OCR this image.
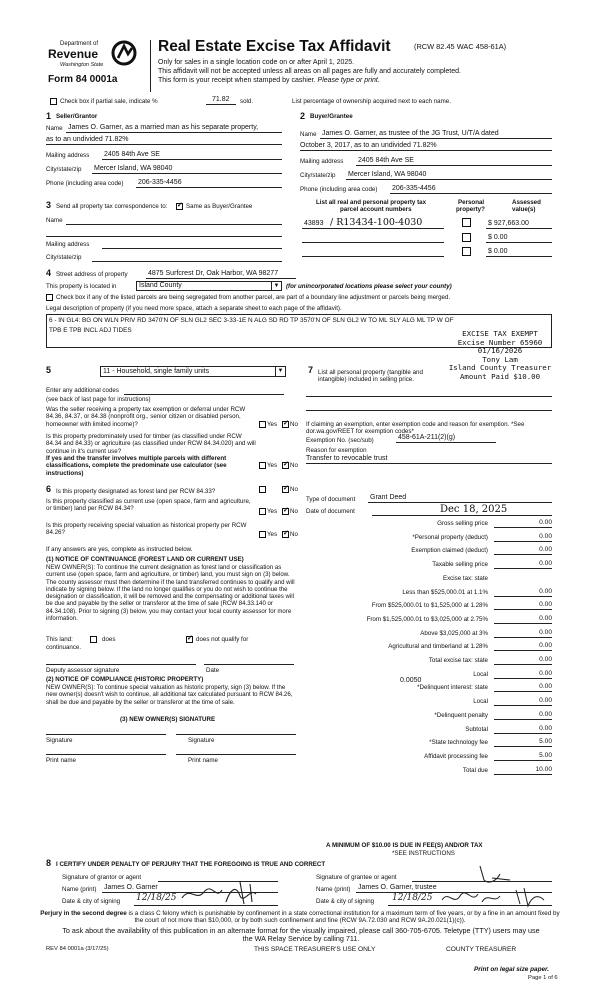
Department of
Revenue
Washington State
Form 84 0001a
Real Estate Excise Tax Affidavit	(RCW 82.45 WAC 458-61A)
Only for sales in a single location code on or after April 1, 2025.
This affidavit will not be accepted unless all areas on all pages are fully and accurately completed.
This form is your receipt when stamped by cashier. Please type or print.
Check box if partial sale, indicate %	71.82 sold.	List percentage of ownership acquired next to each name.
1 Seller/Grantor
Name James O. Garner, as a married man as his separate property,
as to an undivided 71.82%
Mailing address 2405 84th Ave SE
City/state/zip Mercer Island, WA 98040
Phone (including area code) 206-335-4456
2 Buyer/Grantee
Name James O. Garner, as trustee of the JG Trust, U/T/A dated
October 3, 2017, as to an undivided 71.82%
Mailing address 2405 84th Ave SE
City/state/zip Mercer Island, WA 98040
Phone (including area code) 206-335-4456
3 Send all property tax correspondence to: ✓	Same as Buyer/Grantee
Name
Mailing address
City/state/zip
List all real and personal property tax
parcel account numbers
Personal
property?
Assessed
value(s)
43893 / R13434-100-4030	$ 927,663.00
$ 0.00
$ 0.00
4 Street address of property	4875 Surfcrest Dr, Oak Harbor, WA 98277
This property is located in	Island County	▼ (for unincorporated locations please select your county)
Check box if any of the listed parcels are being segregated from another parcel, are part of a boundary line adjustment or parcels being merged.
Legal description of property (if you need more space, attach a separate sheet to each page of the affidavit).
6 - IN GL4: BG ON WLN PRIV RD 3470'N OF SLN GL2 SEC 3-33-1E N ALG SD RD TP 3570'N OF SLN GL2 W TO ML SLY ALG ML TP W OF
TPB E TPB INCL ADJ TIDES	EXCISE TAX EXEMPT
Excise Number 65960
01/16/2026
Tony Lam
Island County Treasurer
Amount Paid $10.00
5	11 - Household, single family units	▼
Enter any additional codes
(see back of last page for instructions)
Was the seller receiving a property tax exemption or deferral under RCW 84.36, 84.37, or 84.38 (nonprofit org., senior citizen or disabled person, homeowner with limited income)?	Yes ✓ No
Is this property predominately used for timber (as classified under RCW 84.34 and 84.33) or agriculture (as classified under RCW 84.34.020) and will continue in it's current use?
If yes and the transfer involves multiple parcels with different classifications, complete the predominate use calculator (see instructions)
Yes ✓ No
6 Is this property designated as forest land per RCW 84.33? ✓	No
Is this property classified as current use (open space, farm and agriculture, or timber) land per RCW 84.34?	Yes ✓ No
Is this property receiving special valuation as historical property per RCW 84.26?	Yes ✓ No
If any answers are yes, complete as instructed below.
(1) NOTICE OF CONTINUANCE (FOREST LAND OR CURRENT USE)
NEW OWNER(S): To continue the current designation as forest land or classification as current use (open space, farm and agriculture, or timber) land, you must sign on (3) below. The county assessor must then determine if the land transferred continues to qualify and will indicate by signing below. If the land no longer qualifies or you do not wish to continue the designation or classification, it will be removed and the compensating or additional taxes will be due and payable by the seller or transferor at the time of sale (RCW 84.33.140 or 84.34.108). Prior to signing (3) below, you may contact your local county assessor for more information.
This land:
continuance.
does ✓	does not qualify for
Deputy assessor signature	Date
(2) NOTICE OF COMPLIANCE (HISTORIC PROPERTY)
NEW OWNER(S): To continue special valuation as historic property, sign (3) below. If the new owner(s) doesn't wish to continue, all additional tax calculated pursuant to RCW 84.26, shall be due and payable by the seller or transferor at the time of sale.
(3) NEW OWNER(S) SIGNATURE
Signature	Signature
Print name	Print name
7 List all personal property (tangible and intangible) included in selling price.
If claiming an exemption, enter exemption code and reason for exemption. *See dor.wa.gov/REET for exemption codes*
Exemption No. (sec/sub)	458-61A-211(2)(g)
Reason for exemption
Transfer to revocable trust
Type of document Grant Deed
Date of document	Dec 18, 2025
Gross selling price	0.00
*Personal property (deduct)	0.00
Exemption claimed (deduct)	0.00
Taxable selling price	0.00
Excise tax: state
Less than $525,000.01 at 1.1%	0.00
From $525,000.01 to $1,525,000 at 1.28%	0.00
From $1,525,000.01 to $3,025,000 at 2.75%	0.00
Above $3,025,000 at 3%	0.00
Agricultural and timberland at 1.28%	0.00
Total excise tax: state	0.00
Local	0.00
*Delinquent interest: state	0.00
Local	0.00
*Delinquent penalty	0.00
Subtotal	0.00
*State technology fee	5.00
Affidavit processing fee	5.00
Total due	10.00
0.0050
A MINIMUM OF $10.00 IS DUE IN FEE(S) AND/OR TAX
*SEE INSTRUCTIONS
8 I CERTIFY UNDER PENALTY OF PERJURY THAT THE FOREGOING IS TRUE AND CORRECT
Signature of grantor or agent
Name (print) James O. Garner
Date & city of signing 12/18/25
Signature of grantee or agent
Name (print) James O. Garner, trustee
Date & city of signing 12/18/25
Perjury in the second degree is a class C felony which is punishable by confinement in a state correctional institution for a maximum term of five years, or by a fine in an amount fixed by the court of not more than $10,000, or by both such confinement and fine (RCW 9A.72.030 and RCW 9A.20.021(1)(c)).
To ask about the availability of this publication in an alternate format for the visually impaired, please call 360-705-6705. Teletype (TTY) users may use the WA Relay Service by calling 711.
REV 84 0001a (3/17/25)	THIS SPACE TREASURER'S USE ONLY	COUNTY TREASURER
Print on legal size paper.
Page 1 of 6
